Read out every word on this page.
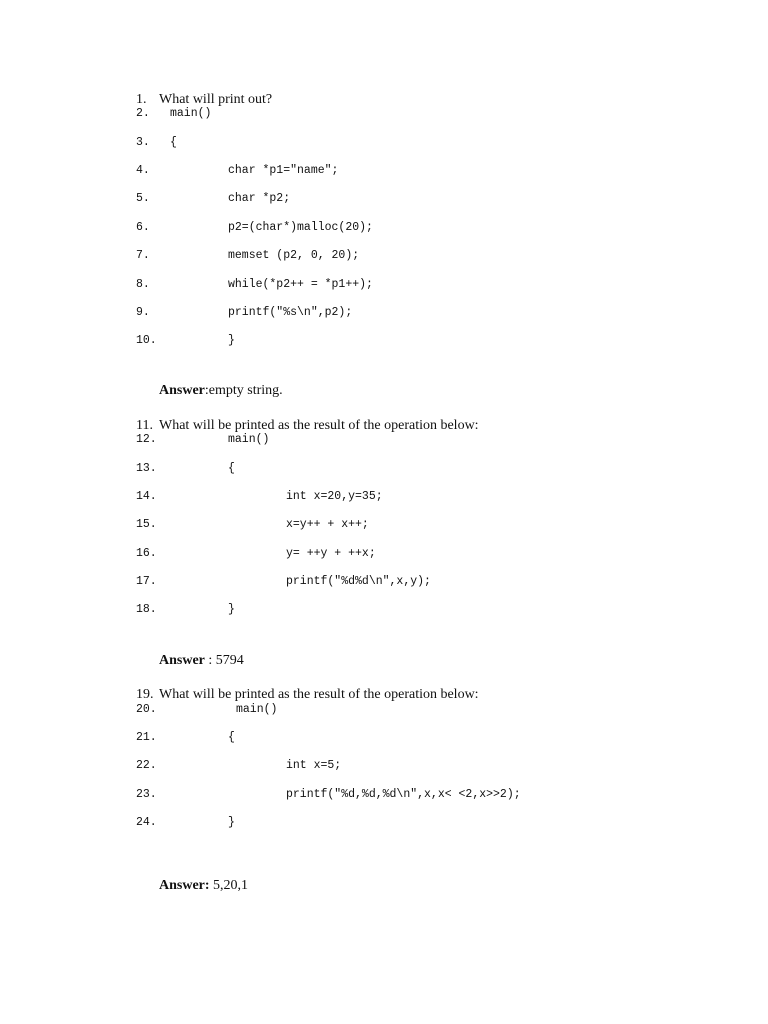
1. What will print out?
2. main()
3. {
4.	char *p1="name";
5.	char *p2;
6.	p2=(char*)malloc(20);
7.	memset (p2, 0, 20);
8.	while(*p2++ = *p1++);
9.	printf("%s\n",p2);
10.	}
Answer:empty string.
11. What will be printed as the result of the operation below:
12.	main()
13.	{
14.	int x=20,y=35;
15.	x=y++ + x++;
16.	y= ++y + ++x;
17.	printf("%d%d\n",x,y);
18.	}
Answer : 5794
19. What will be printed as the result of the operation below:
20.	main()
21.	{
22.	int x=5;
23.	printf("%d,%d,%d\n",x,x< <2,x>>2);
24.	}
Answer: 5,20,1
